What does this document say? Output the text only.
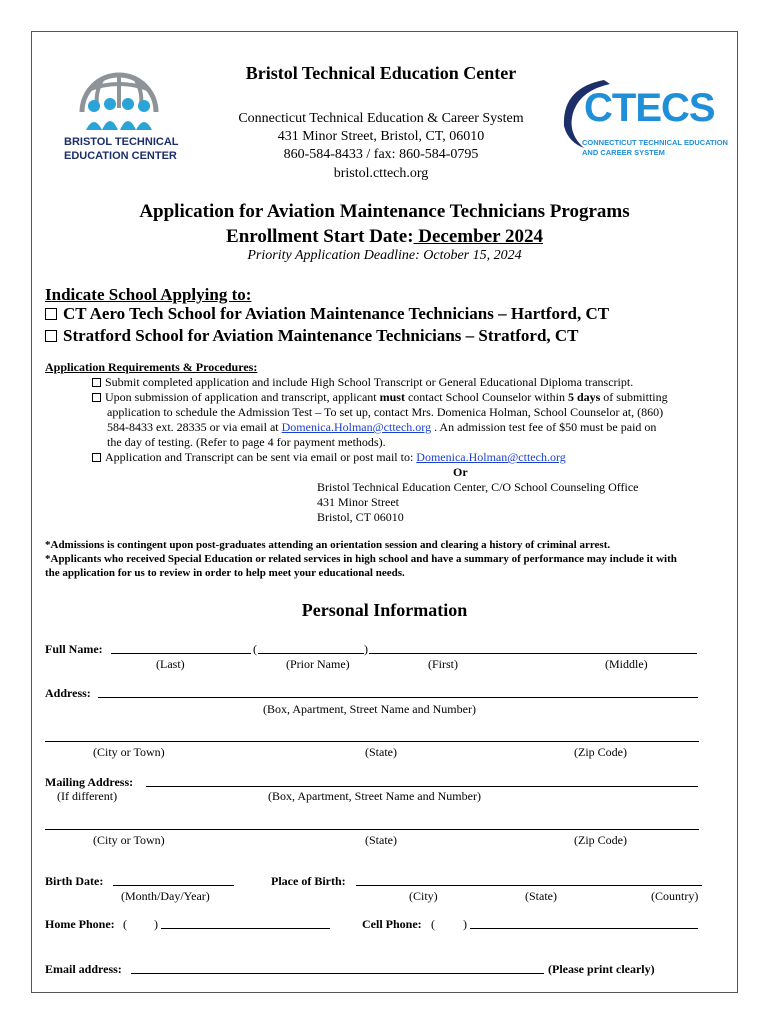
BRISTOL TECHNICAL
EDUCATION CENTER
Bristol Technical Education Center
Connecticut Technical Education & Career System
431 Minor Street, Bristol, CT, 06010
860-584-8433 / fax: 860-584-0795
bristol.cttech.org
CTECS
CONNECTICUT TECHNICAL EDUCATION
AND CAREER SYSTEM
Application for Aviation Maintenance Technicians Programs
Enrollment Start Date: December 2024
Priority Application Deadline: October 15, 2024
Indicate School Applying to:
CT Aero Tech School for Aviation Maintenance Technicians – Hartford, CT
Stratford School for Aviation Maintenance Technicians – Stratford, CT
Application Requirements & Procedures:
Submit completed application and include High School Transcript or General Educational Diploma transcript.
Upon submission of application and transcript, applicant must contact School Counselor within 5 days of submitting
application to schedule the Admission Test – To set up, contact Mrs. Domenica Holman, School Counselor at, (860)
584-8433 ext. 28335 or via email at Domenica.Holman@cttech.org . An admission test fee of $50 must be paid on
the day of testing. (Refer to page 4 for payment methods).
Application and Transcript can be sent via email or post mail to: Domenica.Holman@cttech.org
Or
Bristol Technical Education Center, C/O School Counseling Office
431 Minor Street
Bristol, CT 06010
*Admissions is contingent upon post-graduates attending an orientation session and clearing a history of criminal arrest.
*Applicants who received Special Education or related services in high school and have a summary of performance may include it with
the application for us to review in order to help meet your educational needs.
Personal Information
Full Name:	(	)
(Last)	(Prior Name)	(First)	(Middle)
Address:
(Box, Apartment, Street Name and Number)
(City or Town)	(State)	(Zip Code)
Mailing Address:
(If different)	(Box, Apartment, Street Name and Number)
(City or Town)	(State)	(Zip Code)
Birth Date:
(Month/Day/Year)
Place of Birth:
(City)	(State)	(Country)
Home Phone: ( )	Cell Phone: ( )
Email address:	(Please print clearly)
